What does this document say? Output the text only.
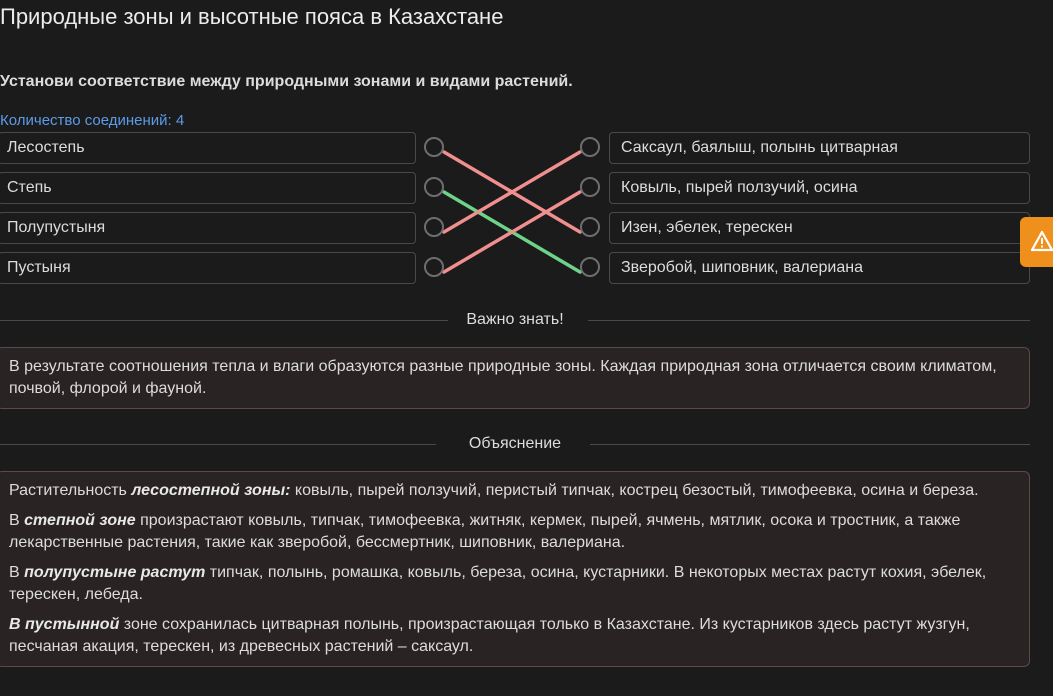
Природные зоны и высотные пояса в Казахстане
Установи соответствие между природными зонами и видами растений.
Количество соединений: 4
Лесостепь
Степь
Полупустыня
Пустыня
Саксаул, баялыш, полынь цитварная
Ковыль, пырей ползучий, осина
Изен, эбелек, терескен
Зверобой, шиповник, валериана
Важно знать!

В результате соотношения тепла и влаги образуются разные природные зоны. Каждая природная зона отличается своим климатом, почвой, флорой и фауной.

Объяснение

Растительность лесостепной зоны: ковыль, пырей ползучий, перистый типчак, кострец безостый, тимофеевка, осина и береза.

В степной зоне произрастают ковыль, типчак, тимофеевка, житняк, кермек, пырей, ячмень, мятлик, осока и тростник, а также лекарственные растения, такие как зверобой, бессмертник, шиповник, валериана.

В полупустыне растут типчак, полынь, ромашка, ковыль, береза, осина, кустарники. В некоторых местах растут кохия, эбелек, терескен, лебеда.

В пустынной зоне сохранилась цитварная полынь, произрастающая только в Казахстане. Из кустарников здесь растут жузгун, песчаная акация, терескен, из древесных растений – саксаул.
